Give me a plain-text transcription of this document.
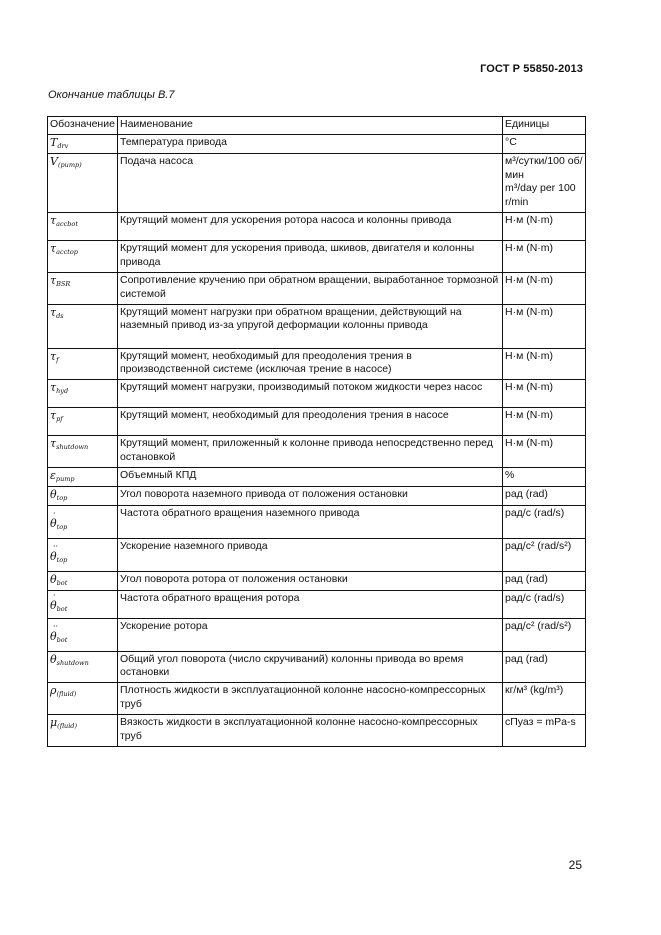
ГОСТ Р 55850-2013
Окончание таблицы В.7
Обозначение	Наименование	Единицы
$T_{drv}$	Температура привода	°C
$V_{(pump)}$	Подача насоса	м³/сутки/100 об/мин
m³/day per 100 r/min
$\tau_{accbot}$	Крутящий момент для ускорения ротора насоса и колонны привода	Н·м (N·m)
$\tau_{acctop}$	Крутящий момент для ускорения привода, шкивов, двигателя и колонны привода	Н·м (N·m)
$\tau_{BSR}$	Сопротивление кручению при обратном вращении, выработанное тормозной системой	Н·м (N·m)
$\tau_{ds}$	Крутящий момент нагрузки при обратном вращении, действующий на наземный привод из-за упругой деформации колонны привода	Н·м (N·m)
$\tau_f$	Крутящий момент, необходимый для преодоления трения в производственной системе (исключая трение в насосе)	Н·м (N·m)
$\tau_{hyd}$	Крутящий момент нагрузки, производимый потоком жидкости через насос	Н·м (N·m)
$\tau_{pf}$	Крутящий момент, необходимый для преодоления трения в насосе	Н·м (N·m)
$\tau_{shutdown}$	Крутящий момент, приложенный к колонне привода непосредственно перед остановкой	Н·м (N·m)
$\varepsilon_{pump}$	Объемный КПД	%
$\theta_{top}$	Угол поворота наземного привода от положения остановки	рад (rad)

·
$\theta_{top}$	Частота обратного вращения наземного привода	рад/с (rad/s)

··
$\theta_{top}$	Ускорение наземного привода	рад/с² (rad/s²)
$\theta_{bot}$	Угол поворота ротора от положения остановки	рад (rad)

·
$\theta_{bot}$	Частота обратного вращения ротора	рад/с (rad/s)

··
$\theta_{bot}$	Ускорение ротора	рад/с² (rad/s²)
$\theta_{shutdown}$	Общий угол поворота (число скручиваний) колонны привода во время остановки	рад (rad)
$\rho_{(fluid)}$	Плотность жидкости в эксплуатационной колонне насосно-компрессорных труб	кг/м³ (kg/m³)
$\mu_{(fluid)}$	Вязкость жидкости в эксплуатационной колонне насосно-компрессорных труб	сПуаз = mPa-s
25
